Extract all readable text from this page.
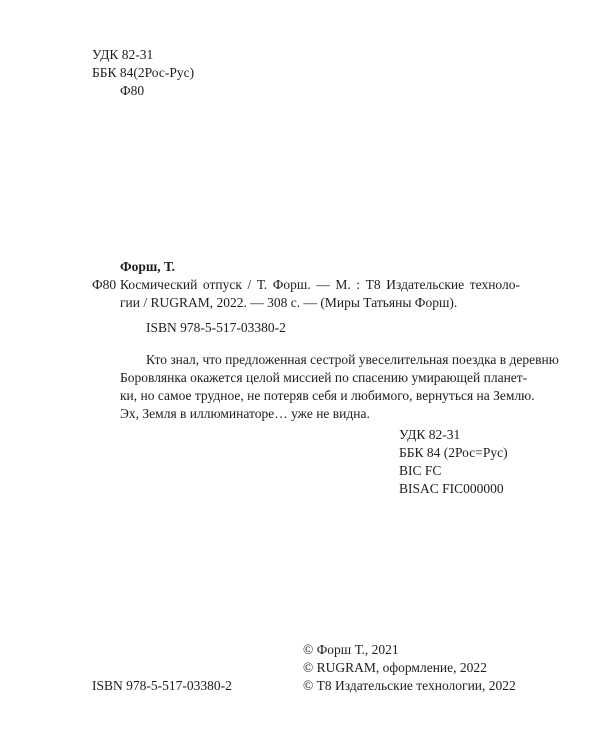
УДК 82-31
ББК 84(2Рос-Рус)
Ф80
Форш, Т.
Ф80 Космический отпуск / Т. Форш. — М. : Т8 Издательские техноло-
гии / RUGRAM, 2022. — 308 с. — (Миры Татьяны Форш).
ISBN 978-5-517-03380-2
Кто знал, что предложенная сестрой увеселительная поездка в деревню
Боровлянка окажется целой миссией по спасению умирающей планет-
ки, но самое трудное, не потеряв себя и любимого, вернуться на Землю.
Эх, Земля в иллюминаторе… уже не видна.
УДК 82-31
ББК 84 (2Рос=Рус)
BIC FC
BISAC FIC000000
© Форш Т., 2021
© RUGRAM, оформление, 2022
ISBN 978-5-517-03380-2	© Т8 Издательские технологии, 2022
